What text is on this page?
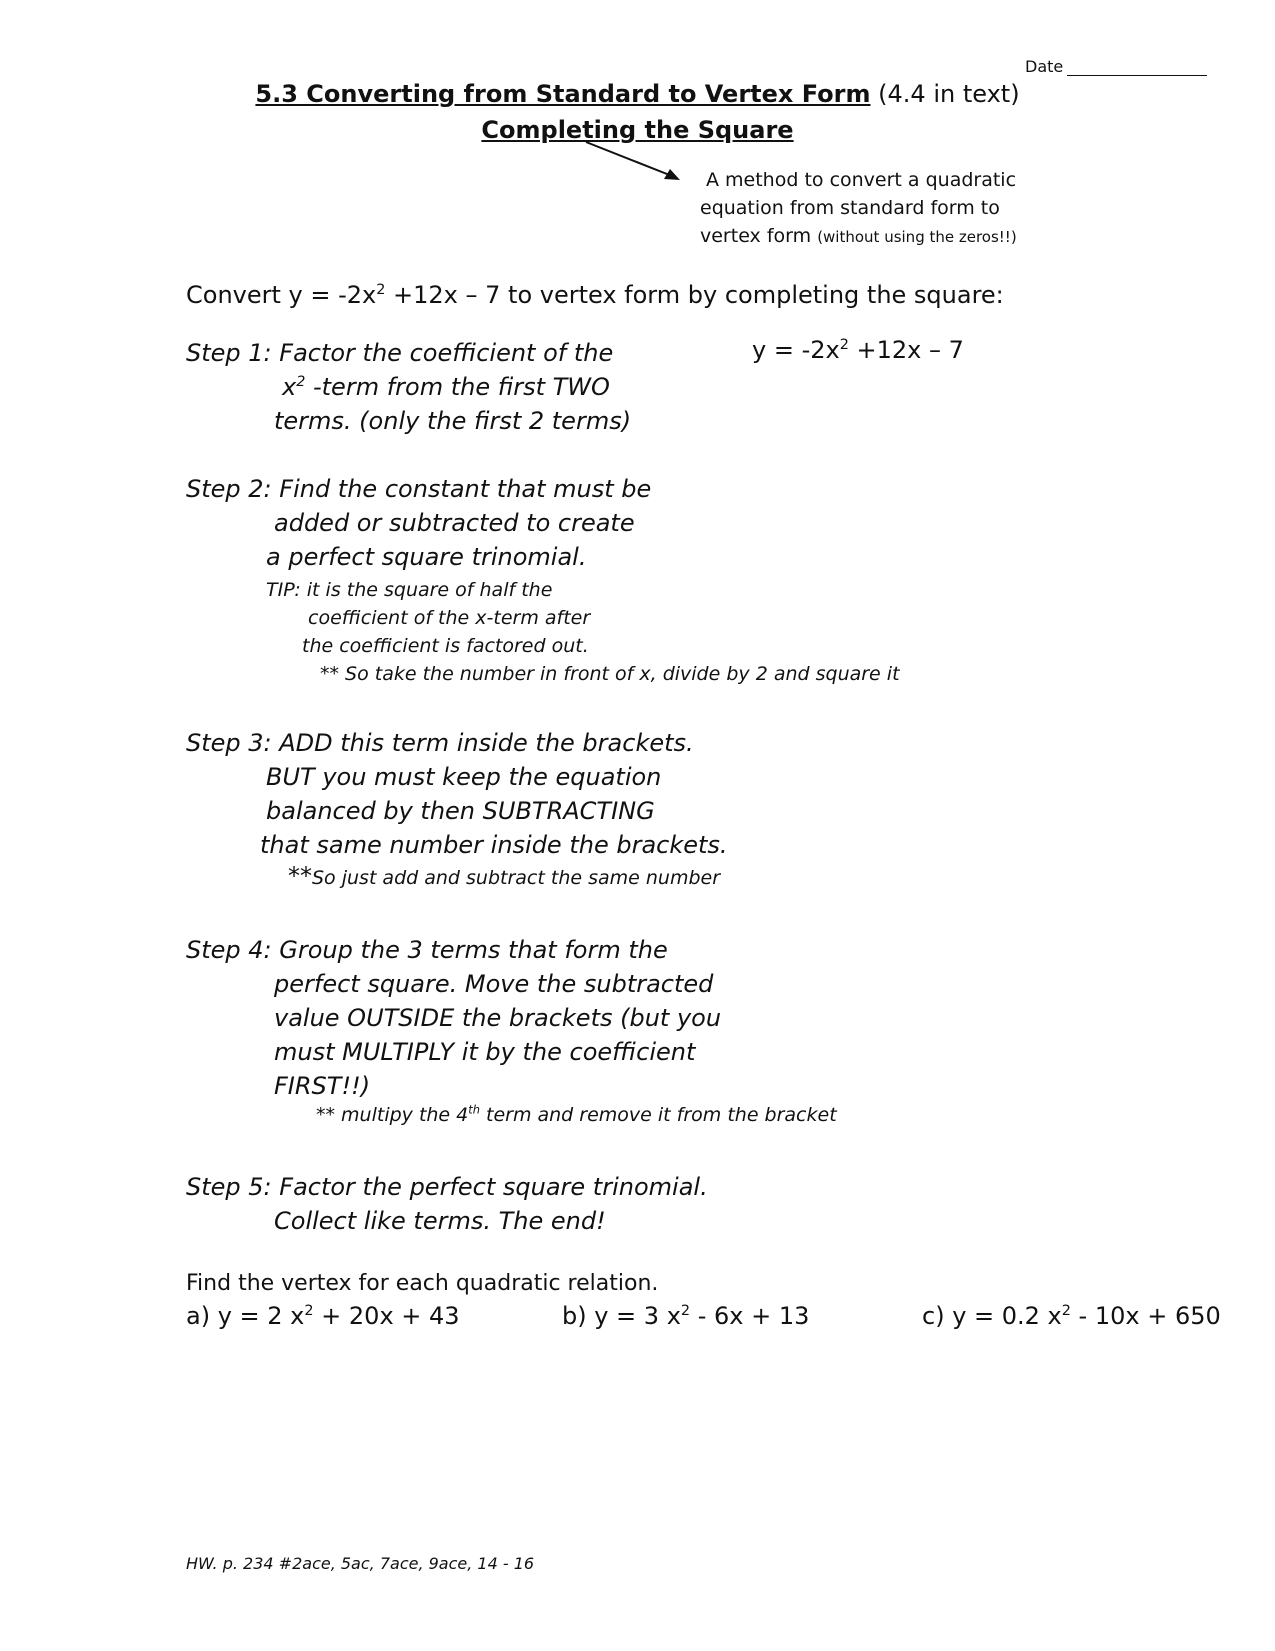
Date
5.3 Converting from Standard to Vertex Form (4.4 in text)
Completing the Square
A method to convert a quadratic
equation from standard form to
vertex form (without using the zeros!!)
Convert $y = -2x^2 +12x - 7$ to vertex form by completing the square:
Step 1: Factor the coefficient of the
$x^2$ -term from the first TWO
terms. (only the first 2 terms)
$y = -2x^2 +12x - 7$
Step 2: Find the constant that must be
added or subtracted to create
a perfect square trinomial.
TIP: it is the square of half the
coefficient of the x-term after
the coefficient is factored out.
** So take the number in front of x, divide by 2 and square it
Step 3: ADD this term inside the brackets.
BUT you must keep the equation
balanced by then SUBTRACTING
that same number inside the brackets.
**So just add and subtract the same number
Step 4: Group the 3 terms that form the
perfect square. Move the subtracted
value OUTSIDE the brackets (but you
must MULTIPLY it by the coefficient
FIRST!!)
** multipy the 4th term and remove it from the bracket
Step 5: Factor the perfect square trinomial.
Collect like terms. The end!
Find the vertex for each quadratic relation.
a) y = 2 $x^2 + 20x + 43$	b) y = 3 $x^2 - 6x + 13$	c) y = 0.2 $x^2 - 10x + 650$
HW. p. 234 #2ace, 5ac, 7ace, 9ace, 14 - 16
